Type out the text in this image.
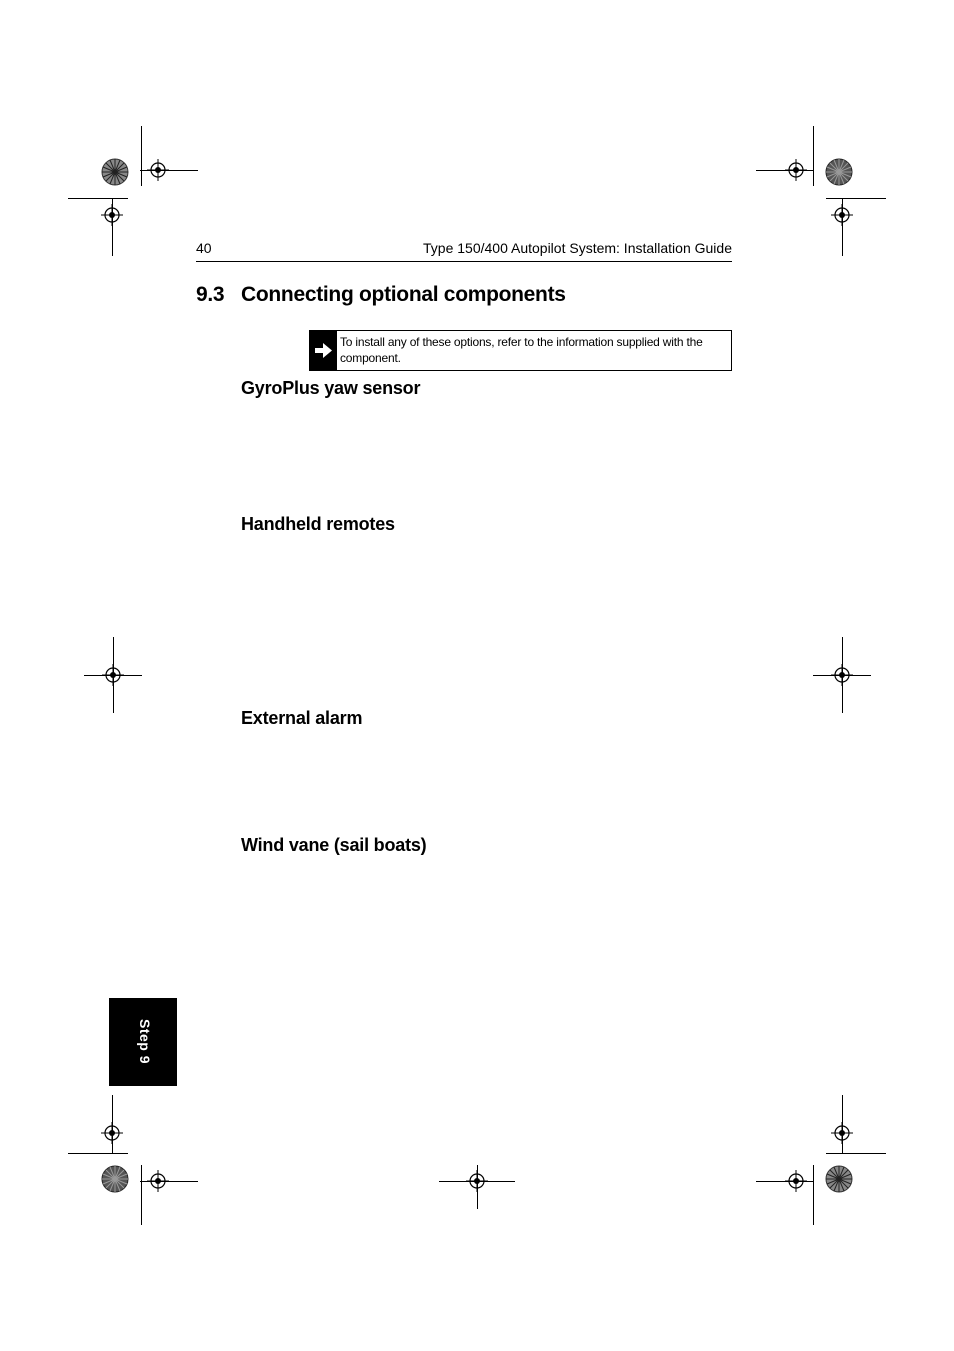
40	Type 150/400 Autopilot System: Installation Guide
9.3 Connecting optional components
To install any of these options, refer to the information supplied with the component.
GyroPlus yaw sensor
Handheld remotes
External alarm
Wind vane (sail boats)
Step 9
